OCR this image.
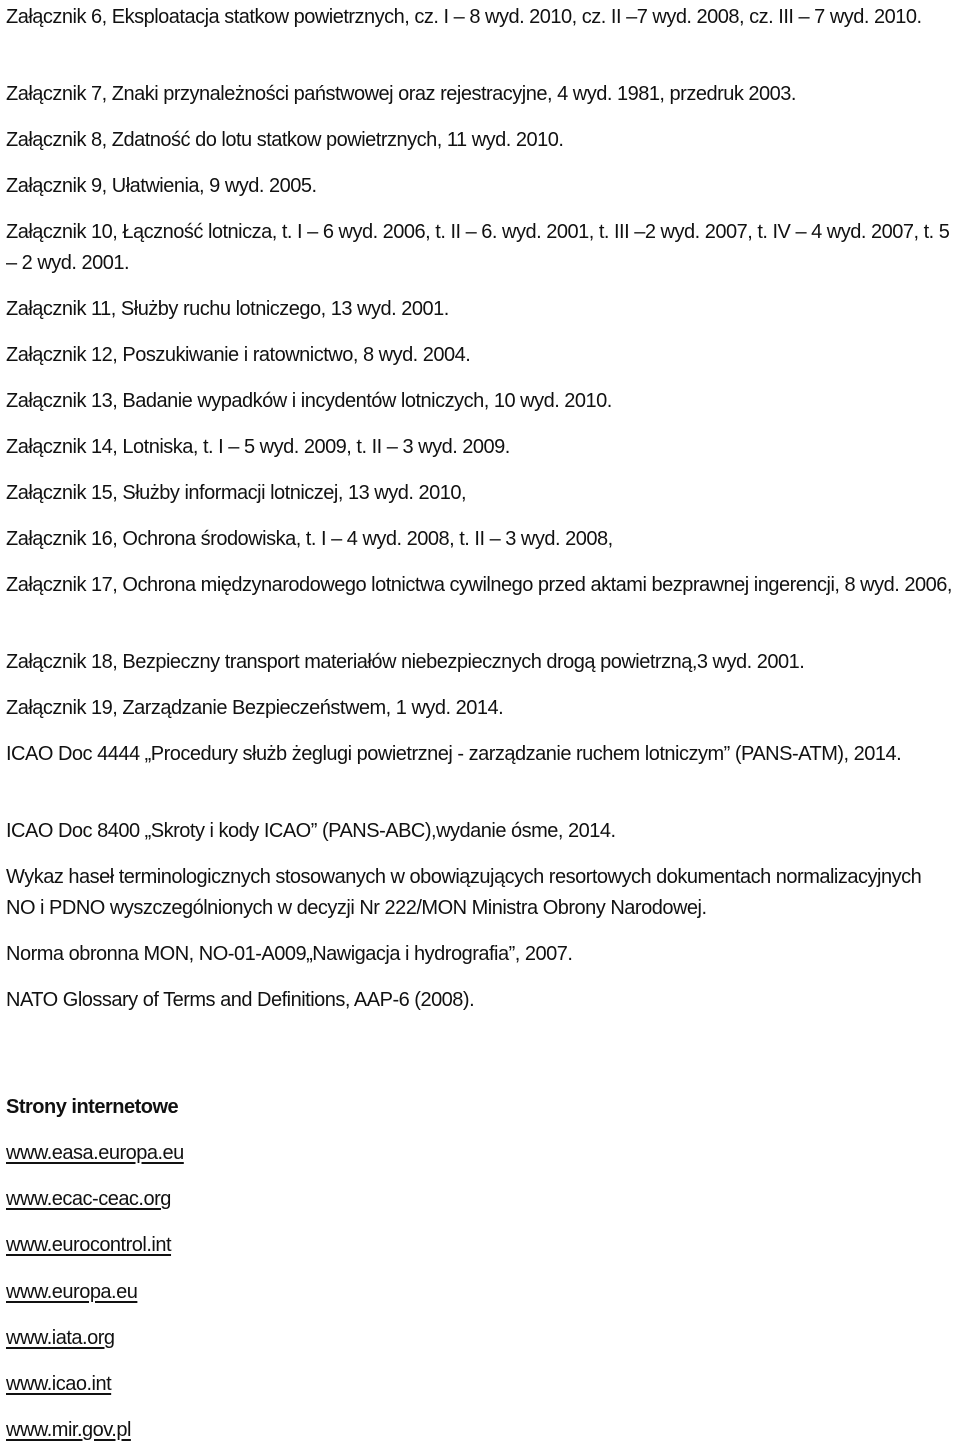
Załącznik 6, Eksploatacja statkow powietrznych, cz. I – 8 wyd. 2010, cz. II –7 wyd. 2008, cz. III – 7 wyd. 2010.

Załącznik 7, Znaki przynależności państwowej oraz rejestracyjne, 4 wyd. 1981, przedruk 2003.

Załącznik 8, Zdatność do lotu statkow powietrznych, 11 wyd. 2010.

Załącznik 9, Ułatwienia, 9 wyd. 2005.

Załącznik 10, Łączność lotnicza, t. I – 6 wyd. 2006, t. II – 6. wyd. 2001, t. III –2 wyd. 2007, t. IV – 4 wyd. 2007, t. 5 – 2 wyd. 2001.

Załącznik 11, Służby ruchu lotniczego, 13 wyd. 2001.

Załącznik 12, Poszukiwanie i ratownictwo, 8 wyd. 2004.

Załącznik 13, Badanie wypadków i incydentów lotniczych, 10 wyd. 2010.

Załącznik 14, Lotniska, t. I – 5 wyd. 2009, t. II – 3 wyd. 2009.

Załącznik 15, Służby informacji lotniczej, 13 wyd. 2010,

Załącznik 16, Ochrona środowiska, t. I – 4 wyd. 2008, t. II – 3 wyd. 2008,

Załącznik 17, Ochrona międzynarodowego lotnictwa cywilnego przed aktami bezprawnej ingerencji, 8 wyd. 2006,

Załącznik 18, Bezpieczny transport materiałów niebezpiecznych drogą powietrzną,3 wyd. 2001.

Załącznik 19, Zarządzanie Bezpieczeństwem, 1 wyd. 2014.

ICAO Doc 4444 „Procedury służb żeglugi powietrznej - zarządzanie ruchem lotniczym” (PANS-ATM), 2014.

ICAO Doc 8400 „Skroty i kody ICAO” (PANS-ABC),wydanie ósme, 2014.

Wykaz haseł terminologicznych stosowanych w obowiązujących resortowych dokumentach normalizacyjnych NO i PDNO wyszczególnionych w decyzji Nr 222/MON Ministra Obrony Narodowej.

Norma obronna MON, NO-01-A009„Nawigacja i hydrografia”, 2007.

NATO Glossary of Terms and Definitions, AAP-6 (2008).

Strony internetowe
www.easa.europa.eu
www.ecac-ceac.org
www.eurocontrol.int
www.europa.eu
www.iata.org
www.icao.int
www.mir.gov.pl
